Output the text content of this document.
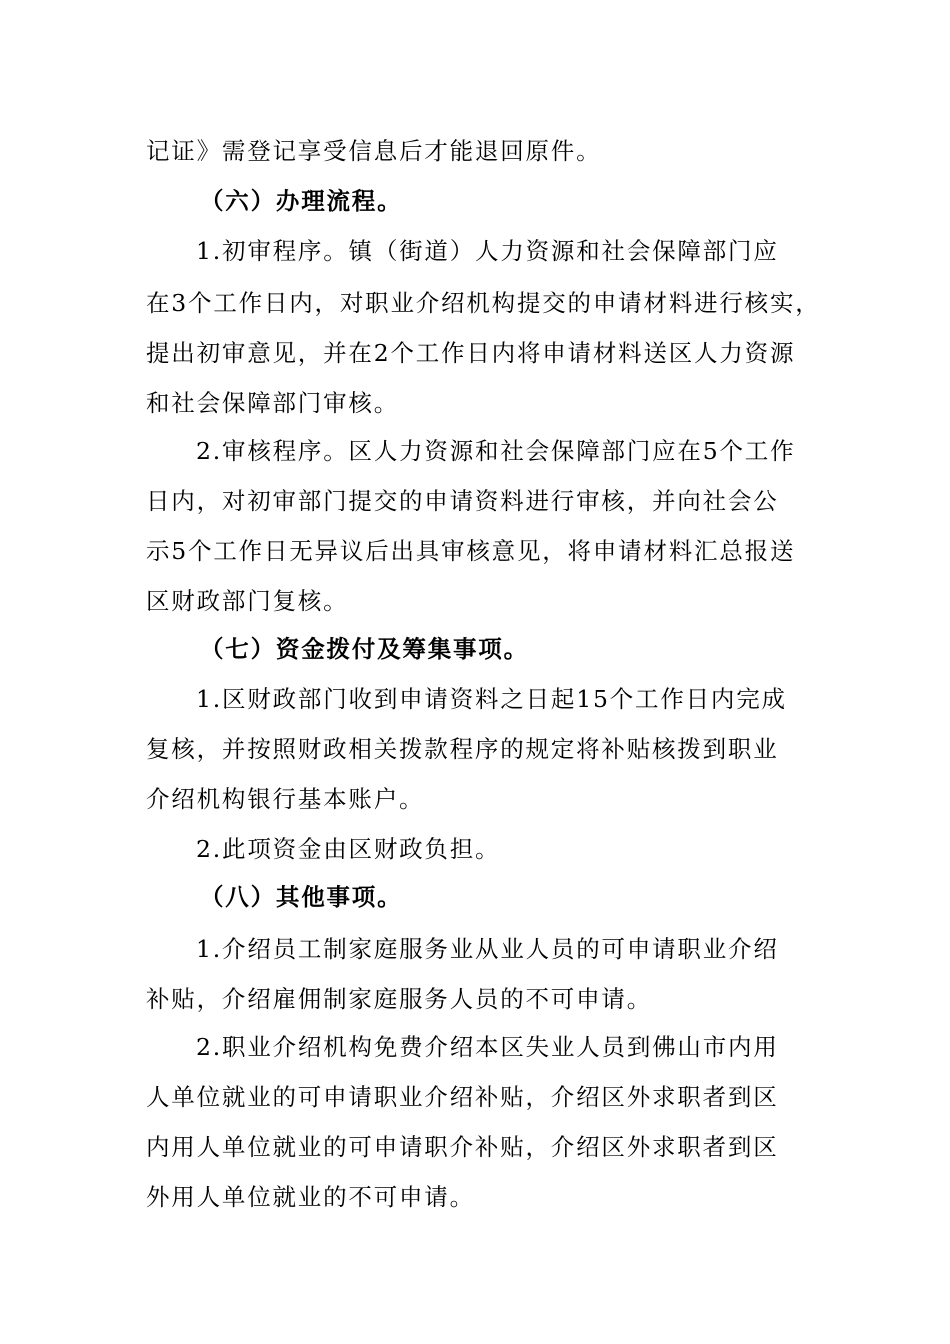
记证》需登记享受信息后才能退回原件。
（六）办理流程。
1.初审程序。镇（街道）人力资源和社会保障部门应
在3个工作日内，对职业介绍机构提交的申请材料进行核实，
提出初审意见，并在2个工作日内将申请材料送区人力资源
和社会保障部门审核。
2.审核程序。区人力资源和社会保障部门应在5个工作
日内，对初审部门提交的申请资料进行审核，并向社会公
示5个工作日无异议后出具审核意见，将申请材料汇总报送
区财政部门复核。
（七）资金拨付及筹集事项。
1.区财政部门收到申请资料之日起15个工作日内完成
复核，并按照财政相关拨款程序的规定将补贴核拨到职业
介绍机构银行基本账户。
2.此项资金由区财政负担。
（八）其他事项。
1.介绍员工制家庭服务业从业人员的可申请职业介绍
补贴，介绍雇佣制家庭服务人员的不可申请。
2.职业介绍机构免费介绍本区失业人员到佛山市内用
人单位就业的可申请职业介绍补贴，介绍区外求职者到区
内用人单位就业的可申请职介补贴，介绍区外求职者到区
外用人单位就业的不可申请。
